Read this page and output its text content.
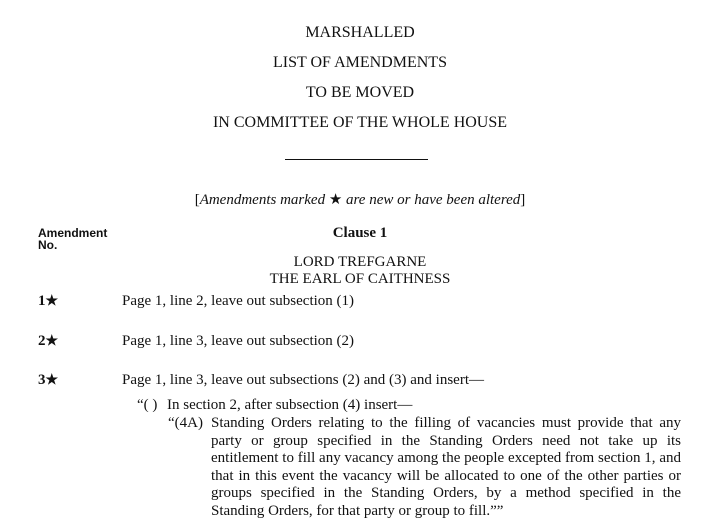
MARSHALLED
LIST OF AMENDMENTS
TO BE MOVED
IN COMMITTEE OF THE WHOLE HOUSE
[Amendments marked ★ are new or have been altered]
Amendment
No.
Clause 1
LORD TREFGARNE
THE EARL OF CAITHNESS
1★	Page 1, line 2, leave out subsection (1)
2★	Page 1, line 3, leave out subsection (2)
3★	Page 1, line 3, leave out subsections (2) and (3) and insert—
“( ) In section 2, after subsection (4) insert—
“(4A) Standing Orders relating to the filling of vacancies must provide that any party or group specified in the Standing Orders need not take up its entitlement to fill any vacancy among the people excepted from section 1, and that in this event the vacancy will be allocated to one of the other parties or groups specified in the Standing Orders, by a method specified in the Standing Orders, for that party or group to fill.””
